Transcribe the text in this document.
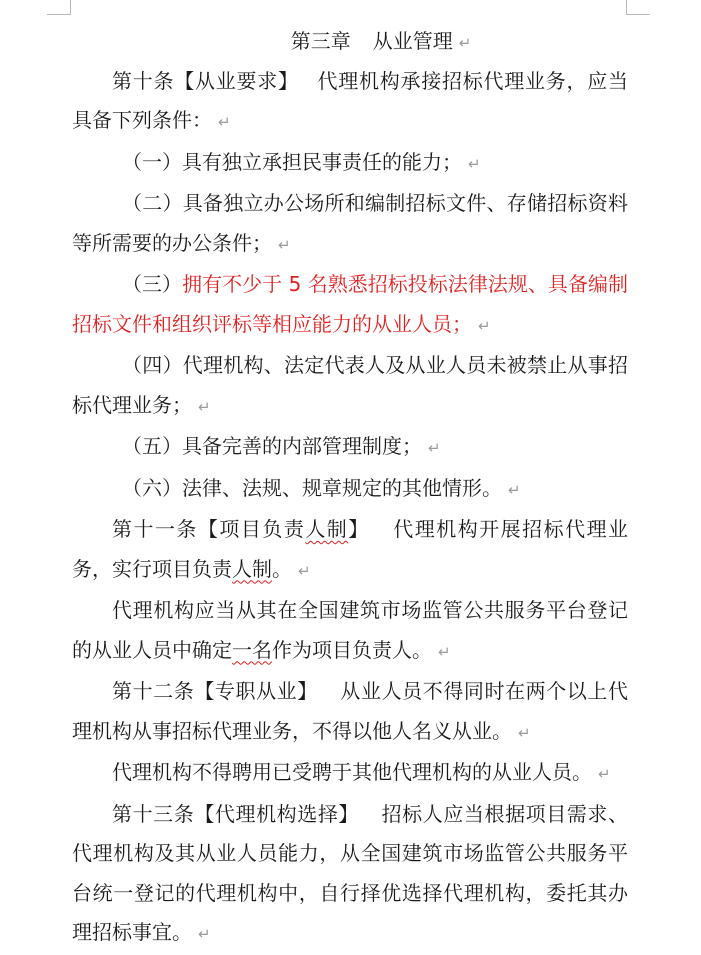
第三章 从业管理 ↵

第十条【从业要求】 代理机构承接招标代理业务，应当具备下列条件： ↵

（一）具有独立承担民事责任的能力； ↵

（二）具备独立办公场所和编制招标文件、存储招标资料等所需要的办公条件； ↵

（三）拥有不少于 5 名熟悉招标投标法律法规、具备编制招标文件和组织评标等相应能力的从业人员； ↵

（四）代理机构、法定代表人及从业人员未被禁止从事招标代理业务； ↵

（五）具备完善的内部管理制度； ↵

（六）法律、法规、规章规定的其他情形。 ↵

第十一条【项目负责人制】 代理机构开展招标代理业务，实行项目负责人制。 ↵

代理机构应当从其在全国建筑市场监管公共服务平台登记的从业人员中确定一名作为项目负责人。 ↵

第十二条【专职从业】 从业人员不得同时在两个以上代理机构从事招标代理业务，不得以他人名义从业。 ↵

代理机构不得聘用已受聘于其他代理机构的从业人员。 ↵

第十三条【代理机构选择】 招标人应当根据项目需求、代理机构及其从业人员能力，从全国建筑市场监管公共服务平台统一登记的代理机构中，自行择优选择代理机构，委托其办理招标事宜。 ↵
